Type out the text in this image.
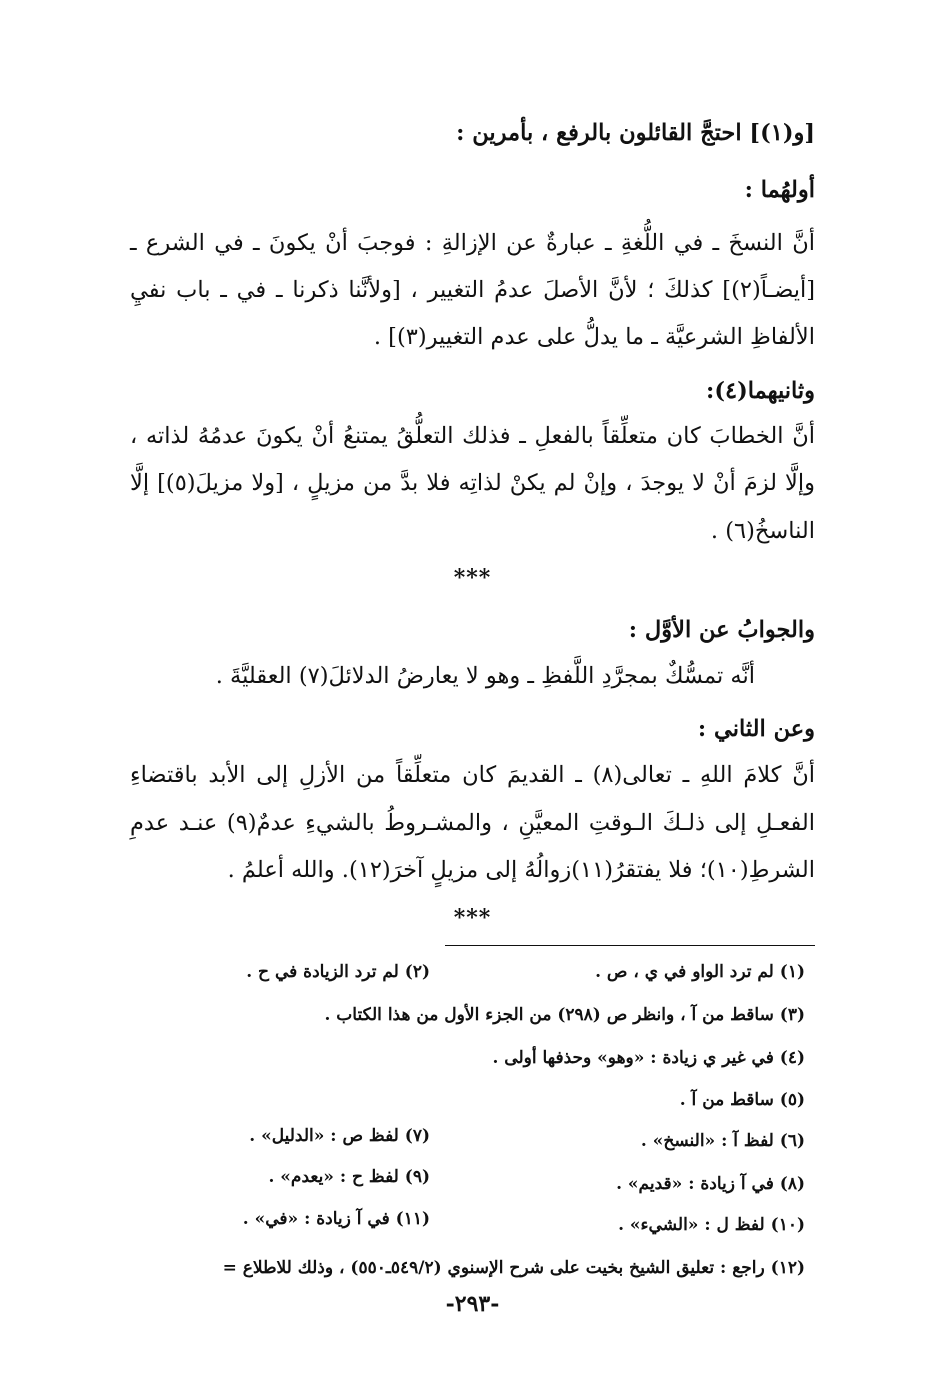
[و(١)] احتجَّ القائلون بالرفع ، بأمرين :
أولهُما :
أنَّ النسخَ ـ في اللُّغةِ ـ عبارةٌ عن الإزالةِ : فوجبَ أنْ يكونَ ـ في الشرع ـ
[أيضـاً(٢)] كذلكَ ؛ لأنَّ الأصلَ عدمُ التغيير ، [ولأنَّنا ذكرنا ـ في ـ باب نفيِ
الألفاظِ الشرعيَّة ـ ما يدلُّ على عدم التغيير(٣)] .
وثانيهما(٤):
أنَّ الخطابَ كان متعلِّقاً بالفعلِ ـ فذلك التعلُّقُ يمتنعُ أنْ يكونَ عدمُهُ لذاته ،
وإلَّا لزمَ أنْ لا يوجدَ ، وإنْ لم يكنْ لذاتِه فلا بدَّ من مزيلٍ ، [ولا مزيلَ(٥)] إلَّا
الناسخُ(٦) .
***
والجوابُ عن الأوَّل :
أنَّه تمسُّكٌ بمجرَّدِ اللَّفظِ ـ وهو لا يعارضُ الدلائلَ(٧) العقليَّةَ .
وعن الثاني :
أنَّ كلامَ اللهِ ـ تعالى(٨) ـ القديمَ كان متعلِّقاً من الأزلِ إلى الأبد باقتضاءِ
الفعـلِ إلى ذلـكَ الـوقتِ المعيَّنِ ، والمشـروطُ بالشيءِ عدمٌ(٩) عنـد عدمِ
الشرطِ(١٠)؛ فلا يفتقرُ(١١)زوالُهُ إلى مزيلٍ آخرَ(١٢). والله أعلمُ .
***
(١) لم ترد الواو في ي ، ص .
(٢) لم ترد الزيادة في ح .
(٣) ساقط من آ ، وانظر ص (٢٩٨) من الجزء الأول من هذا الكتاب .
(٤) في غير ي زيادة : «وهو» وحذفها أولى .
(٥) ساقط من آ .
(٦) لفظ آ : «النسخ» .
(٧) لفظ ص : «الدليل» .
(٨) في آ زيادة : «قديم» .
(٩) لفظ ح : «يعدم» .
(١٠) لفظ ل : «الشيء» .
(١١) في آ زيادة : «في» .
(١٢) راجع : تعليق الشيخ بخيت على شرح الإسنوي (٥٤٩/٢ـ٥٥٠) ، وذلك للاطلاع =
-٢٩٣-
